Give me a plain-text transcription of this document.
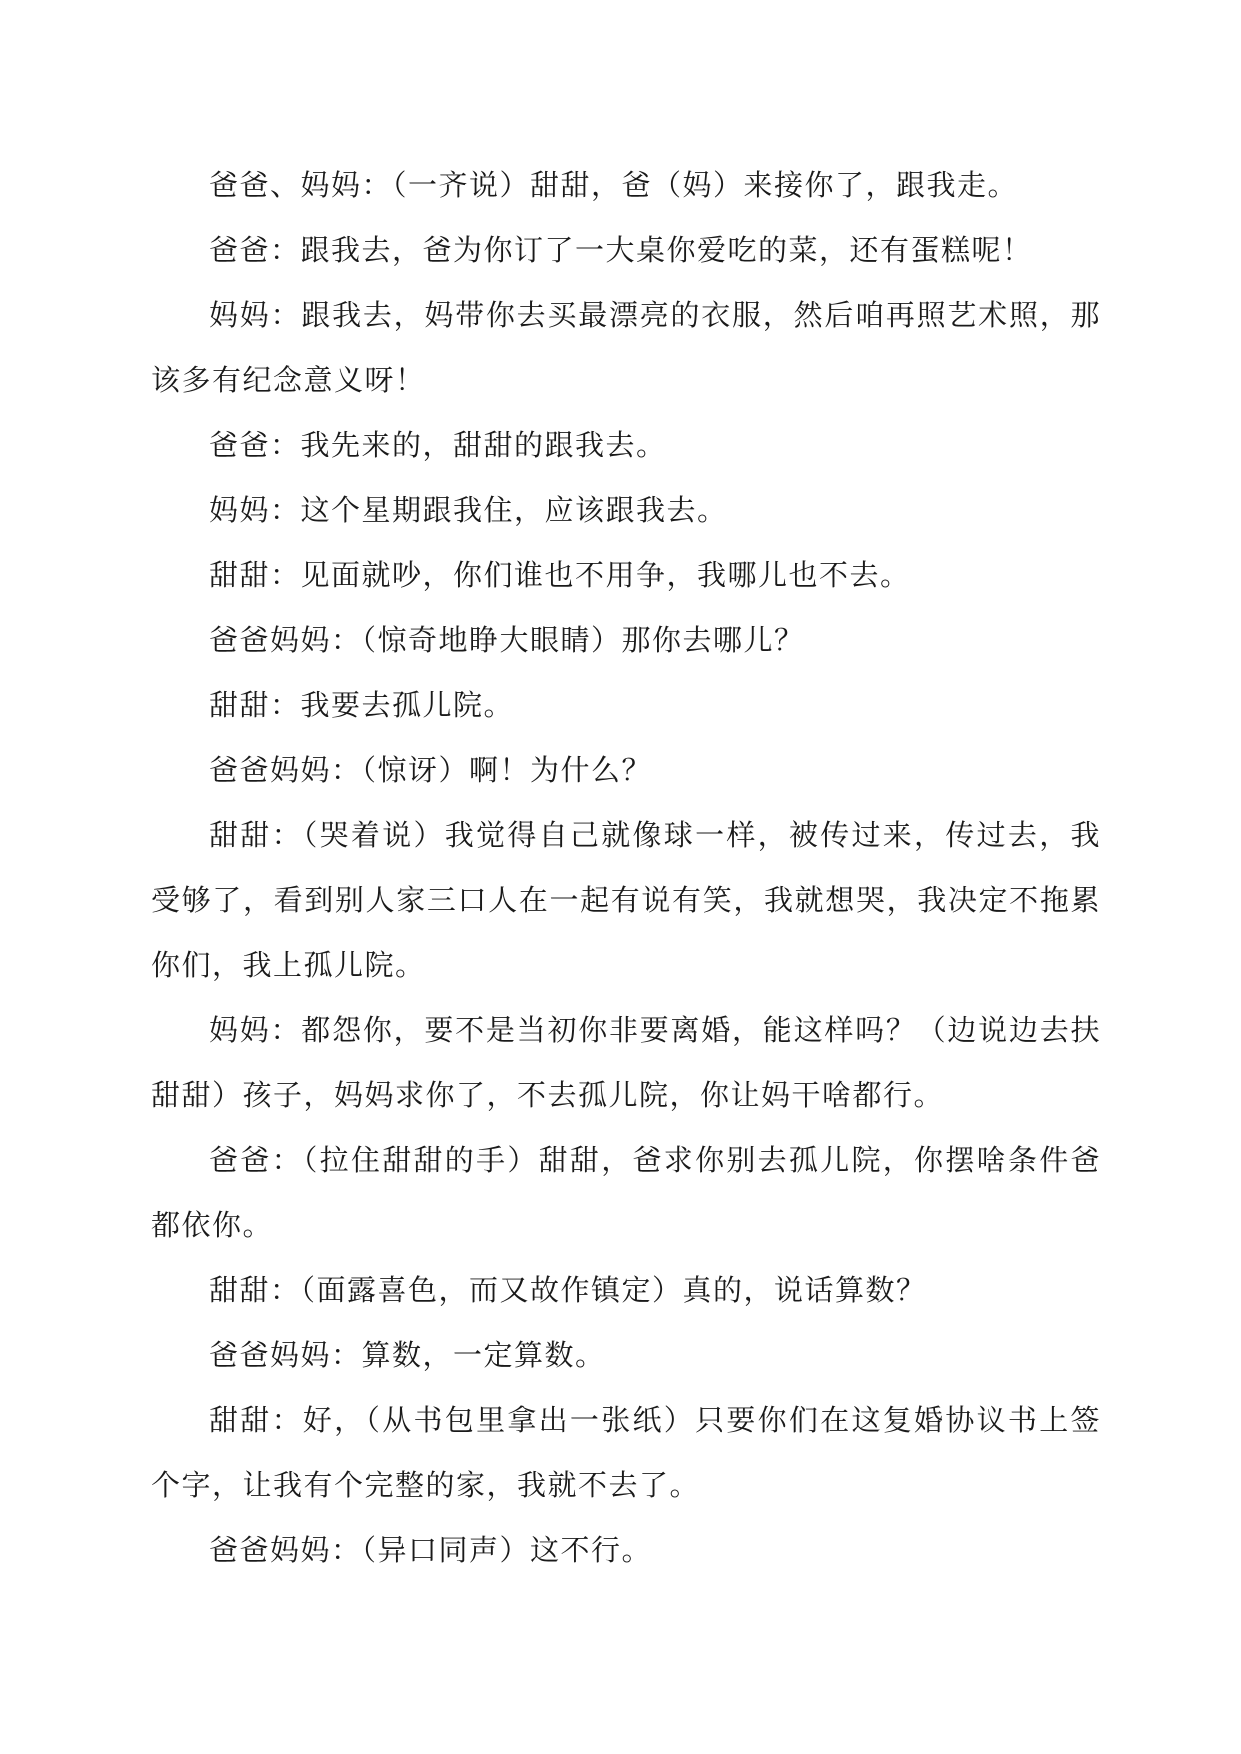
爸爸、妈妈：（一齐说）甜甜，爸（妈）来接你了，跟我走。

爸爸：跟我去，爸为你订了一大桌你爱吃的菜，还有蛋糕呢！

妈妈：跟我去，妈带你去买最漂亮的衣服，然后咱再照艺术照，那该多有纪念意义呀！

爸爸：我先来的，甜甜的跟我去。

妈妈：这个星期跟我住，应该跟我去。

甜甜：见面就吵，你们谁也不用争，我哪儿也不去。

爸爸妈妈：（惊奇地睁大眼睛）那你去哪儿？

甜甜：我要去孤儿院。

爸爸妈妈：（惊讶）啊！为什么？

甜甜：（哭着说）我觉得自己就像球一样，被传过来，传过去，我受够了，看到别人家三口人在一起有说有笑，我就想哭，我决定不拖累你们，我上孤儿院。

妈妈：都怨你，要不是当初你非要离婚，能这样吗？（边说边去扶甜甜）孩子，妈妈求你了，不去孤儿院，你让妈干啥都行。

爸爸：（拉住甜甜的手）甜甜，爸求你别去孤儿院，你摆啥条件爸都依你。

甜甜：（面露喜色，而又故作镇定）真的，说话算数？

爸爸妈妈：算数，一定算数。

甜甜：好，（从书包里拿出一张纸）只要你们在这复婚协议书上签个字，让我有个完整的家，我就不去了。

爸爸妈妈：（异口同声）这不行。
